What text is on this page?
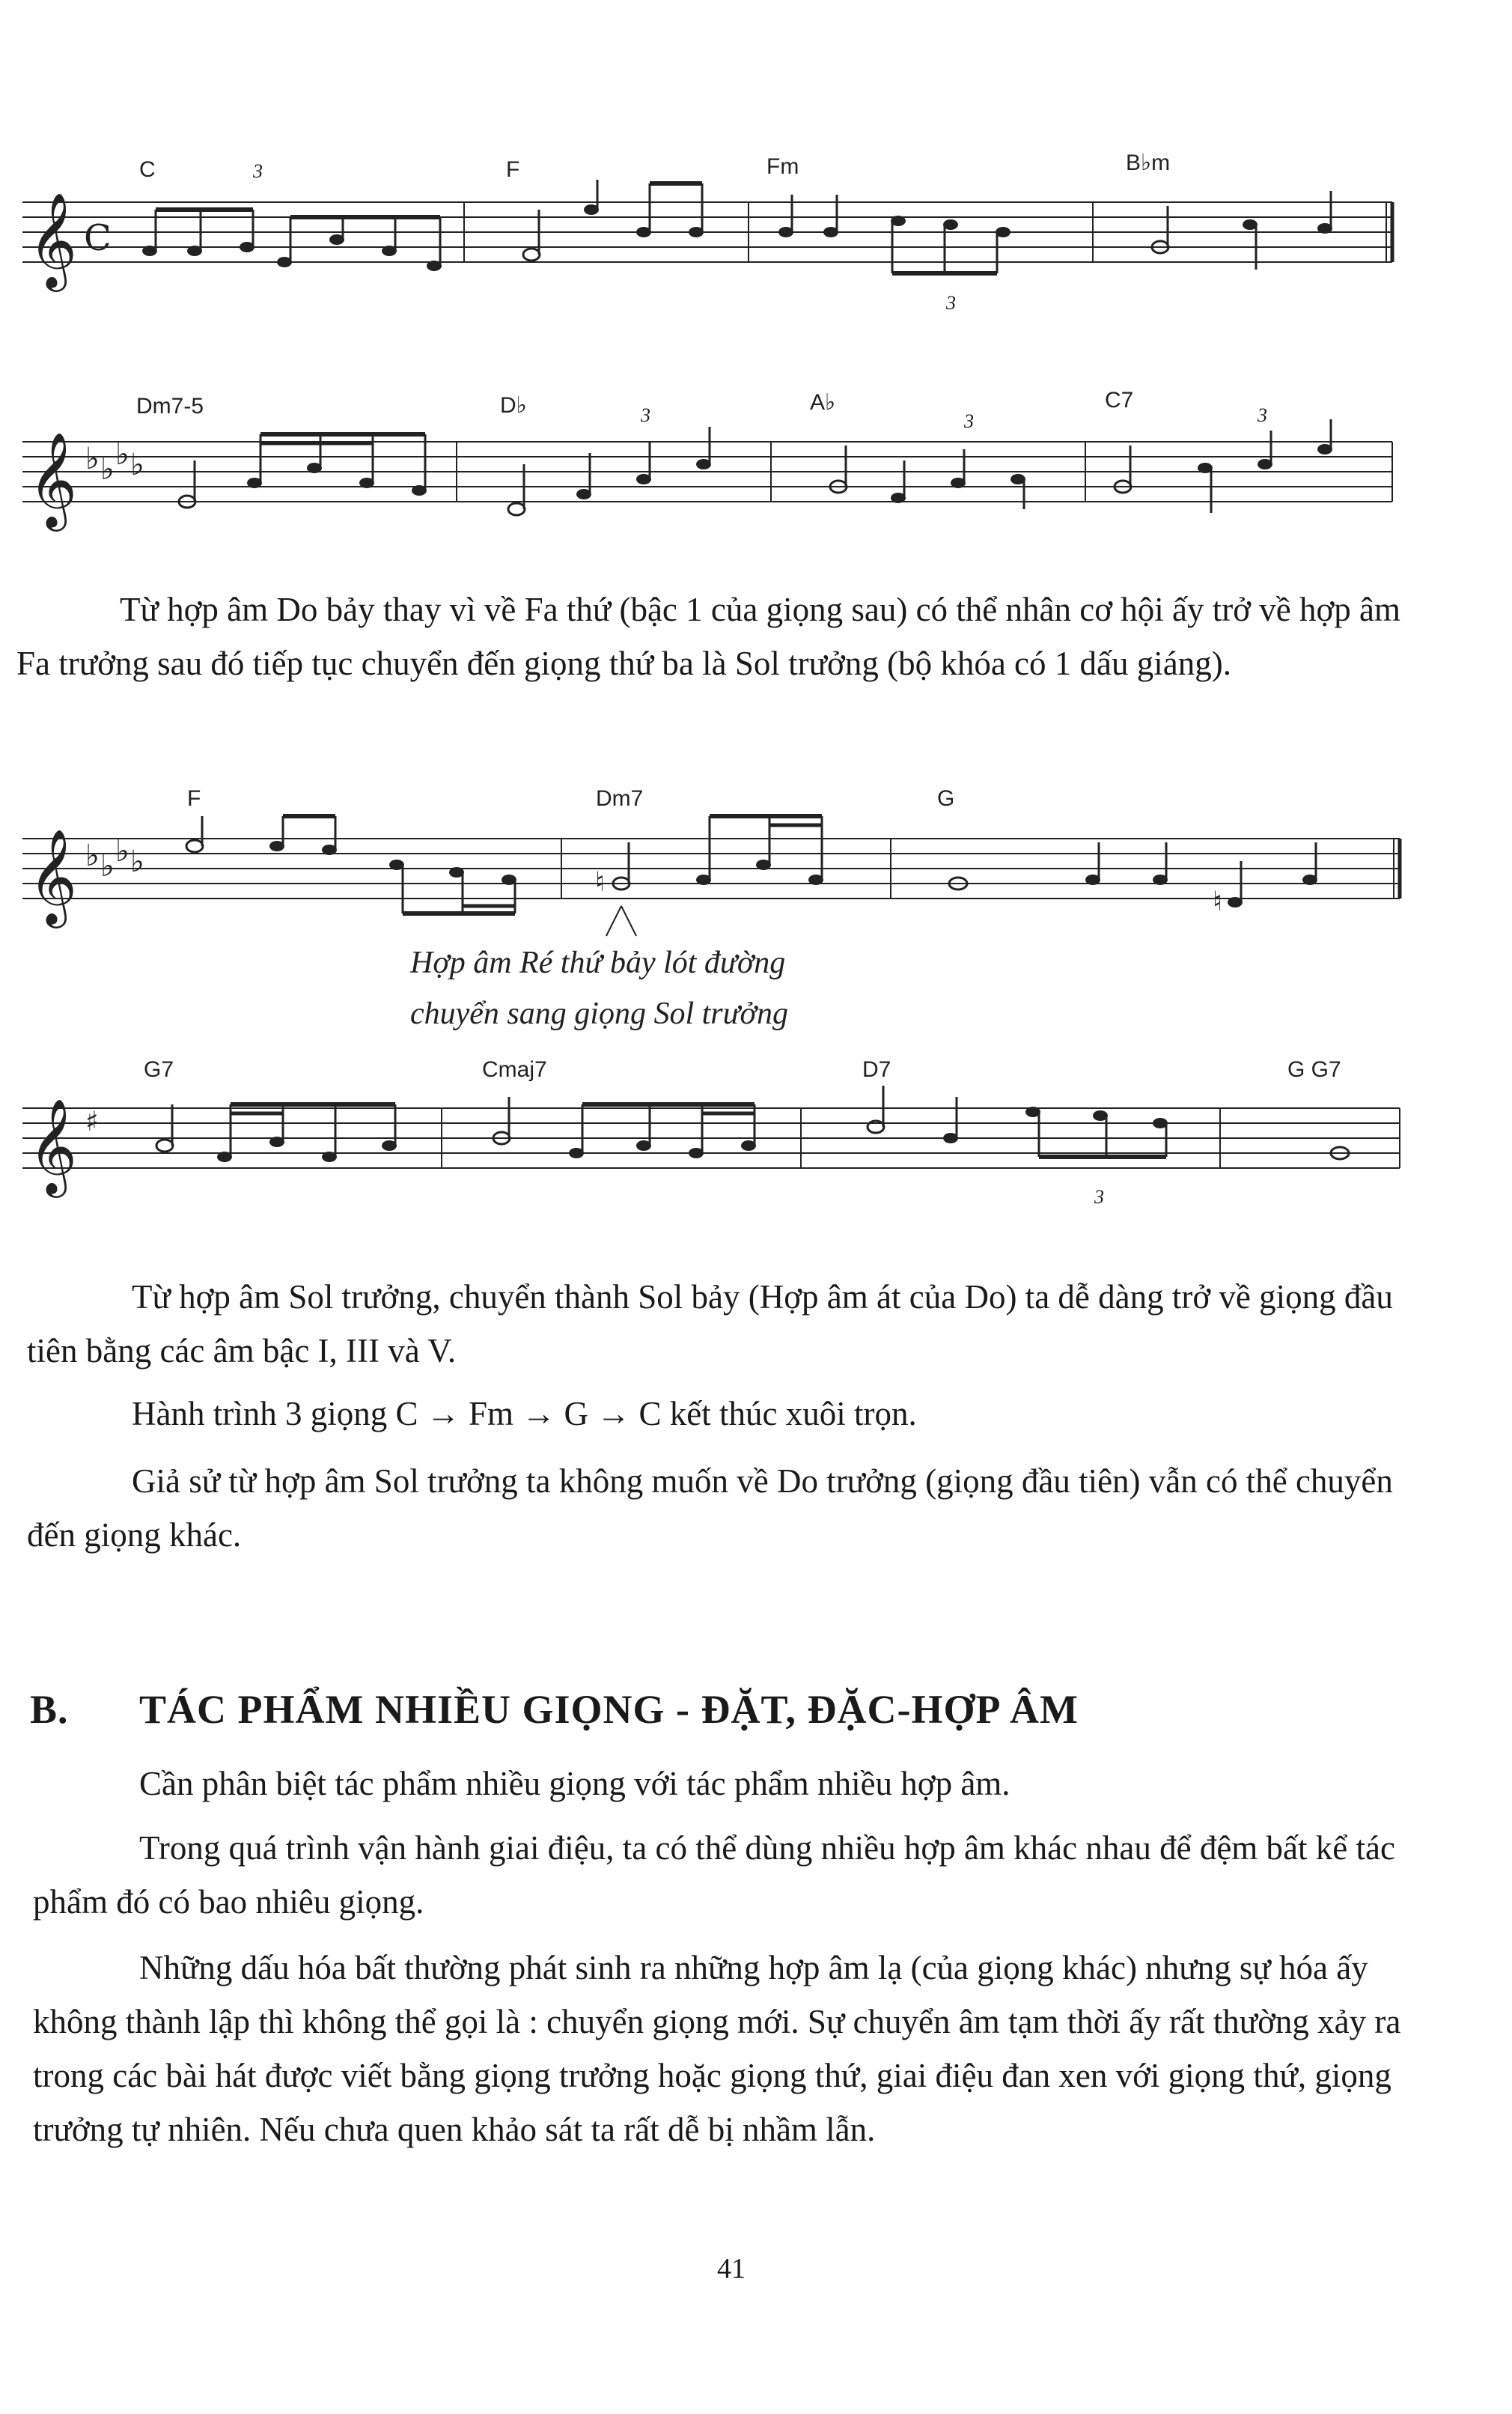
C	F	Fm	B♭m
3
3
𝄞 C
Dm7-5	D♭	A♭	C7
3	3	3
𝄞 ♭ ♭ ♭ ♭
Từ hợp âm Do bảy thay vì về Fa thứ (bậc 1 của giọng sau) có thể nhân cơ hội ấy trở về hợp âm Fa trưởng sau đó tiếp tục chuyển đến giọng thứ ba là Sol trưởng (bộ khóa có 1 dấu giáng).
F	Dm7	G
𝄞 ♭ ♭ ♭ ♭
♮
♮
Hợp âm Ré thứ bảy lót đường
chuyển sang giọng Sol trưởng
G7	Cmaj7	D7	G G7
3
𝄞 ♯
Từ hợp âm Sol trưởng, chuyển thành Sol bảy (Hợp âm át của Do) ta dễ dàng trở về giọng đầu tiên bằng các âm bậc I, III và V.
Hành trình 3 giọng C → Fm → G → C kết thúc xuôi trọn.
Giả sử từ hợp âm Sol trưởng ta không muốn về Do trưởng (giọng đầu tiên) vẫn có thể chuyển đến giọng khác.
B. TÁC PHẨM NHIỀU GIỌNG - ĐẶT, ĐẶC-HỢP ÂM
Cần phân biệt tác phẩm nhiều giọng với tác phẩm nhiều hợp âm.
Trong quá trình vận hành giai điệu, ta có thể dùng nhiều hợp âm khác nhau để đệm bất kể tác phẩm đó có bao nhiêu giọng.
Những dấu hóa bất thường phát sinh ra những hợp âm lạ (của giọng khác) nhưng sự hóa ấy không thành lập thì không thể gọi là : chuyển giọng mới. Sự chuyển âm tạm thời ấy rất thường xảy ra trong các bài hát được viết bằng giọng trưởng hoặc giọng thứ, giai điệu đan xen với giọng thứ, giọng trưởng tự nhiên. Nếu chưa quen khảo sát ta rất dễ bị nhầm lẫn.
41
